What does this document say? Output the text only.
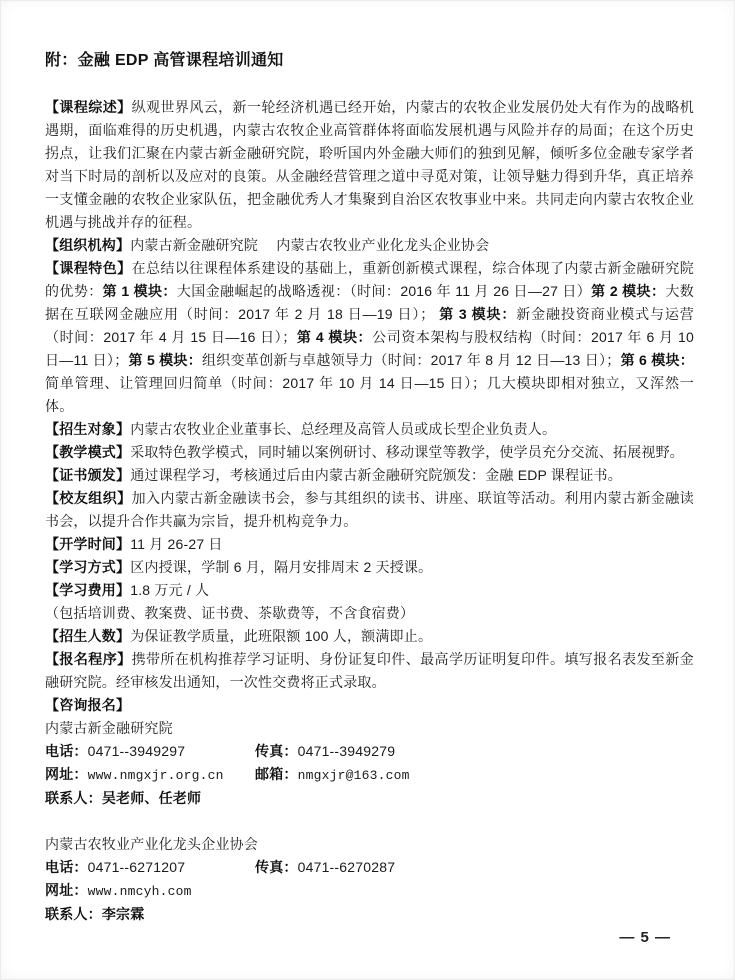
附：金融 EDP 高管课程培训通知

【课程综述】纵观世界风云，新一轮经济机遇已经开始，内蒙古的农牧企业发展仍处大有作为的战略机遇期，面临难得的历史机遇，内蒙古农牧企业高管群体将面临发展机遇与风险并存的局面；在这个历史拐点，让我们汇聚在内蒙古新金融研究院，聆听国内外金融大师们的独到见解，倾听多位金融专家学者对当下时局的剖析以及应对的良策。从金融经营管理之道中寻觅对策，让领导魅力得到升华，真正培养一支懂金融的农牧企业家队伍，把金融优秀人才集聚到自治区农牧事业中来。共同走向内蒙古农牧企业机遇与挑战并存的征程。

【组织机构】内蒙古新金融研究院　 内蒙古农牧业产业化龙头企业协会

【课程特色】在总结以往课程体系建设的基础上，重新创新模式课程，综合体现了内蒙古新金融研究院的优势：第 1 模块：大国金融崛起的战略透视：（时间：2016 年 11 月 26 日—27 日）第 2 模块：大数据在互联网金融应用（时间：2017 年 2 月 18 日—19 日）； 第 3 模块：新金融投资商业模式与运营（时间：2017 年 4 月 15 日—16 日）；第 4 模块：公司资本架构与股权结构（时间：2017 年 6 月 10 日—11 日）；第 5 模块：组织变革创新与卓越领导力（时间：2017 年 8 月 12 日—13 日）；第 6 模块：简单管理、让管理回归简单（时间：2017 年 10 月 14 日—15 日）；几大模块即相对独立，又浑然一体。

【招生对象】内蒙古农牧业企业董事长、总经理及高管人员或成长型企业负责人。

【教学模式】采取特色教学模式，同时辅以案例研讨、移动课堂等教学，使学员充分交流、拓展视野。

【证书颁发】通过课程学习，考核通过后由内蒙古新金融研究院颁发：金融 EDP 课程证书。

【校友组织】加入内蒙古新金融读书会，参与其组织的读书、讲座、联谊等活动。利用内蒙古新金融读书会，以提升合作共赢为宗旨，提升机构竞争力。

【开学时间】11 月 26-27 日

【学习方式】区内授课，学制 6 月，隔月安排周末 2 天授课。

【学习费用】1.8 万元 / 人

（包括培训费、教案费、证书费、茶歇费等，不含食宿费）

【招生人数】为保证教学质量，此班限额 100 人，额满即止。

【报名程序】携带所在机构推荐学习证明、身份证复印件、最高学历证明复印件。填写报名表发至新金融研究院。经审核发出通知，一次性交费将正式录取。

【咨询报名】

内蒙古新金融研究院
电话：0471--3949297	传真：0471--3949279
网址：www.nmgxjr.org.cn 邮箱：nmgxjr@163.com
联系人：吴老师、任老师
内蒙古农牧业产业化龙头企业协会
电话：0471--6271207	传真：0471--6270287
网址：www.nmcyh.com
联系人：李宗霖
— 5 —
